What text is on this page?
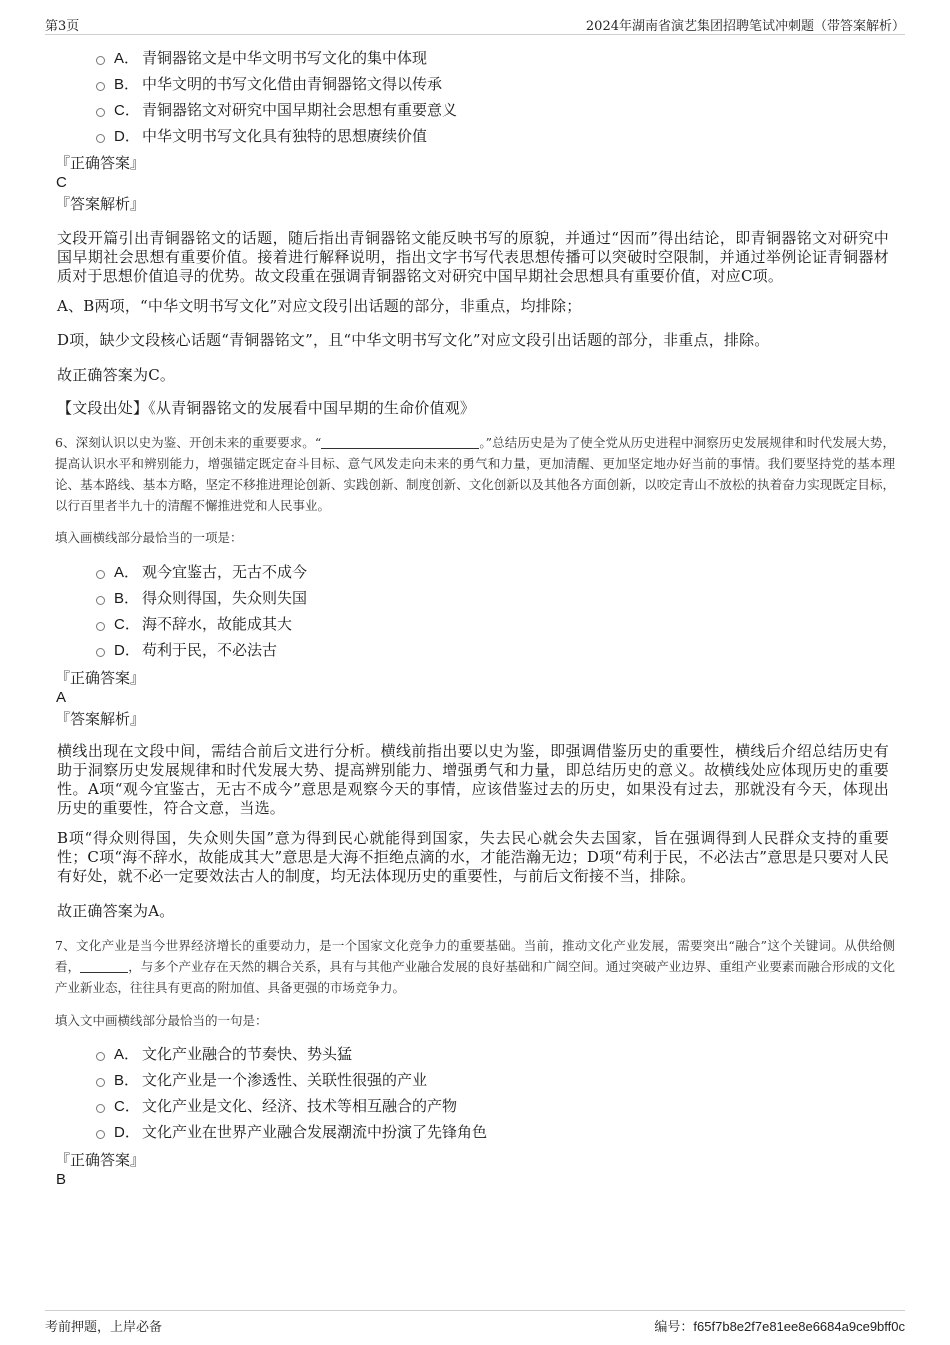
第3页	2024年湖南省演艺集团招聘笔试冲刺题（带答案解析）
A． 青铜器铭文是中华文明书写文化的集中体现
B． 中华文明的书写文化借由青铜器铭文得以传承
C． 青铜器铭文对研究中国早期社会思想有重要意义
D． 中华文明书写文化具有独特的思想赓续价值
『正确答案』
C
『答案解析』
文段开篇引出青铜器铭文的话题，随后指出青铜器铭文能反映书写的原貌，并通过“因而”得出结论，即青铜器铭文对研究中国早期社会思想有重要价值。接着进行解释说明，指出文字书写代表思想传播可以突破时空限制，并通过举例论证青铜器材质对于思想价值追寻的优势。故文段重在强调青铜器铭文对研究中国早期社会思想具有重要价值，对应C项。
A、B两项，“中华文明书写文化”对应文段引出话题的部分，非重点，均排除；
D项，缺少文段核心话题“青铜器铭文”，且“中华文明书写文化”对应文段引出话题的部分，非重点，排除。
故正确答案为C。
【文段出处】《从青铜器铭文的发展看中国早期的生命价值观》
6、深刻认识以史为鉴、开创未来的重要要求。“	。”总结历史是为了使全党从历史进程中洞察历史发展规律和时代发展大势，提高认识水平和辨别能力，增强锚定既定奋斗目标、意气风发走向未来的勇气和力量，更加清醒、更加坚定地办好当前的事情。我们要坚持党的基本理论、基本路线、基本方略，坚定不移推进理论创新、实践创新、制度创新、文化创新以及其他各方面创新，以咬定青山不放松的执着奋力实现既定目标，以行百里者半九十的清醒不懈推进党和人民事业。
填入画横线部分最恰当的一项是：
A． 观今宜鉴古，无古不成今
B． 得众则得国，失众则失国
C． 海不辞水，故能成其大
D． 苟利于民，不必法古
『正确答案』
A
『答案解析』
横线出现在文段中间，需结合前后文进行分析。横线前指出要以史为鉴，即强调借鉴历史的重要性，横线后介绍总结历史有助于洞察历史发展规律和时代发展大势、提高辨别能力、增强勇气和力量，即总结历史的意义。故横线处应体现历史的重要性。A项“观今宜鉴古，无古不成今”意思是观察今天的事情，应该借鉴过去的历史，如果没有过去，那就没有今天，体现出历史的重要性，符合文意，当选。
B项“得众则得国，失众则失国”意为得到民心就能得到国家，失去民心就会失去国家，旨在强调得到人民群众支持的重要性；C项“海不辞水，故能成其大”意思是大海不拒绝点滴的水，才能浩瀚无边；D项“苟利于民，不必法古”意思是只要对人民有好处，就不必一定要效法古人的制度，均无法体现历史的重要性，与前后文衔接不当，排除。
故正确答案为A。
7、文化产业是当今世界经济增长的重要动力，是一个国家文化竞争力的重要基础。当前，推动文化产业发展，需要突出“融合”这个关键词。从供给侧看，	，与多个产业存在天然的耦合关系，具有与其他产业融合发展的良好基础和广阔空间。通过突破产业边界、重组产业要素而融合形成的文化产业新业态，往往具有更高的附加值、具备更强的市场竞争力。
填入文中画横线部分最恰当的一句是：
A． 文化产业融合的节奏快、势头猛
B． 文化产业是一个渗透性、关联性很强的产业
C． 文化产业是文化、经济、技术等相互融合的产物
D． 文化产业在世界产业融合发展潮流中扮演了先锋角色
『正确答案』
B
考前押题，上岸必备	编号：f65f7b8e2f7e81ee8e6684a9ce9bff0c
